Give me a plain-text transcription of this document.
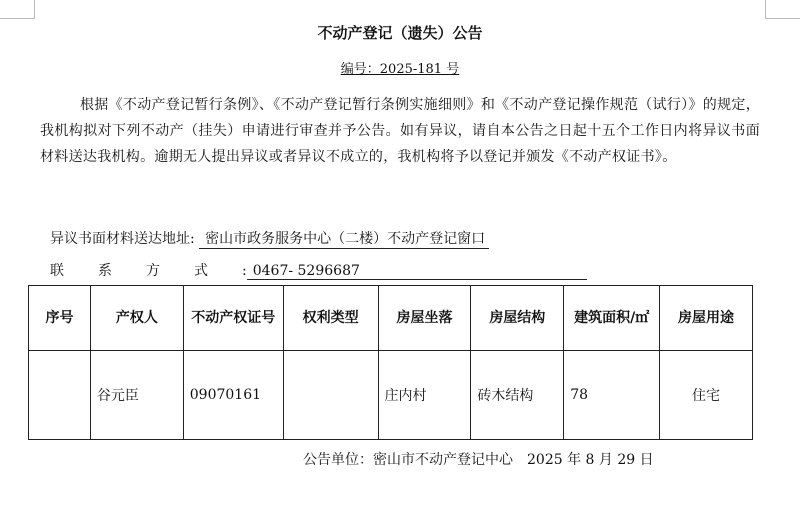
不动产登记（遗失）公告
编号：2025-181 号
根据《不动产登记暂行条例》、《不动产登记暂行条例实施细则》和《不动产登记操作规范（试行）》的规定，我机构拟对下列不动产（挂失）申请进行审查并予公告。如有异议，请自本公告之日起十五个工作日内将异议书面材料送达我机构。逾期无人提出异议或者异议不成立的，我机构将予以登记并颁发《不动产权证书》。
异议书面材料送达地址: 密山市政务服务中心（二楼）不动产登记窗口
联系方式: 0467- 5296687
序号	产权人	不动产权证号	权利类型	房屋坐落	房屋结构	建筑面积/㎡	房屋用途
	谷元臣	09070161		庄内村	砖木结构	78	住宅
公告单位：密山市不动产登记中心　2025 年 8 月 29 日
